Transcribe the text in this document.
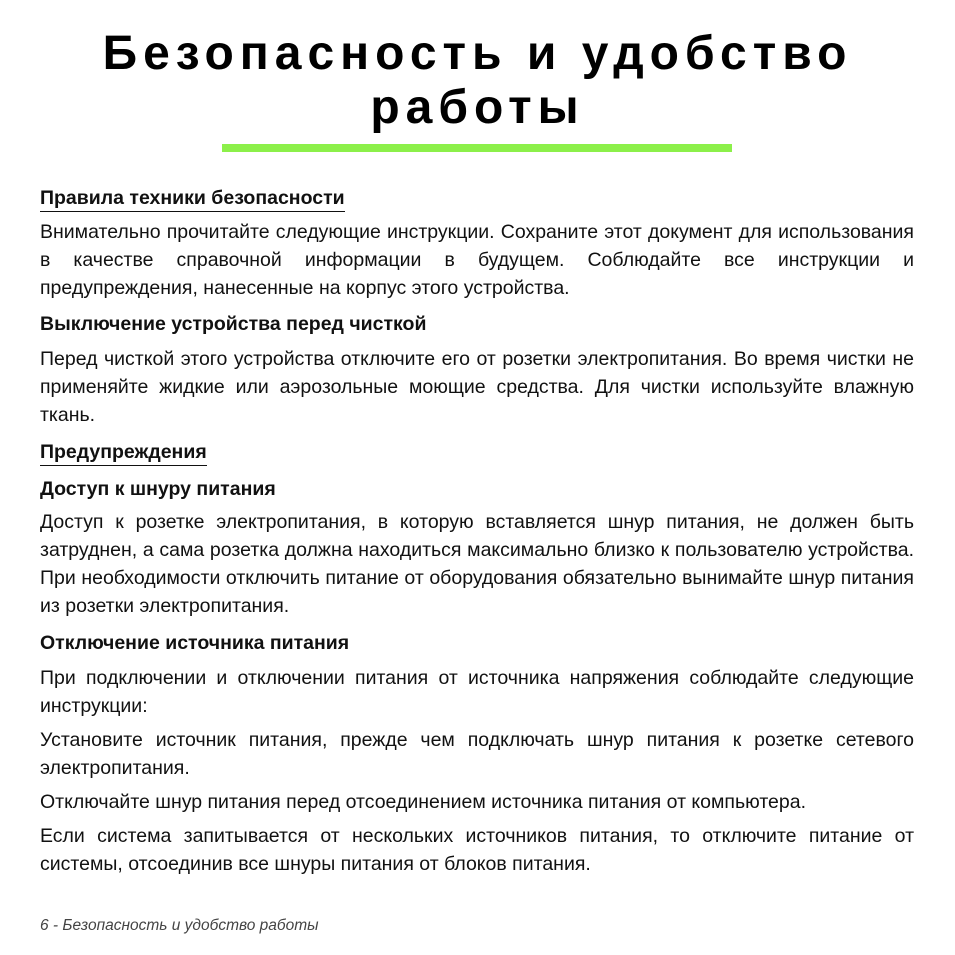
Безопасность и удобство
работы
Правила техники безопасности

Внимательно прочитайте следующие инструкции. Сохраните этот документ для использования в качестве справочной информации в будущем. Соблюдайте все инструкции и предупреждения, нанесенные на корпус этого устройства.

Выключение устройства перед чисткой

Перед чисткой этого устройства отключите его от розетки электропитания. Во время чистки не применяйте жидкие или аэрозольные моющие средства. Для чистки используйте влажную ткань.

Предупреждения
Доступ к шнуру питания

Доступ к розетке электропитания, в которую вставляется шнур питания, не должен быть затруднен, а сама розетка должна находиться максимально близко к пользователю устройства. При необходимости отключить питание от оборудования обязательно вынимайте шнур питания из розетки электропитания.

Отключение источника питания

При подключении и отключении питания от источника напряжения соблюдайте следующие инструкции:

Установите источник питания, прежде чем подключать шнур питания к розетке сетевого электропитания.

Отключайте шнур питания перед отсоединением источника питания от компьютера.

Если система запитывается от нескольких источников питания, то отключите питание от системы, отсоединив все шнуры питания от блоков питания.

6 - Безопасность и удобство работы
